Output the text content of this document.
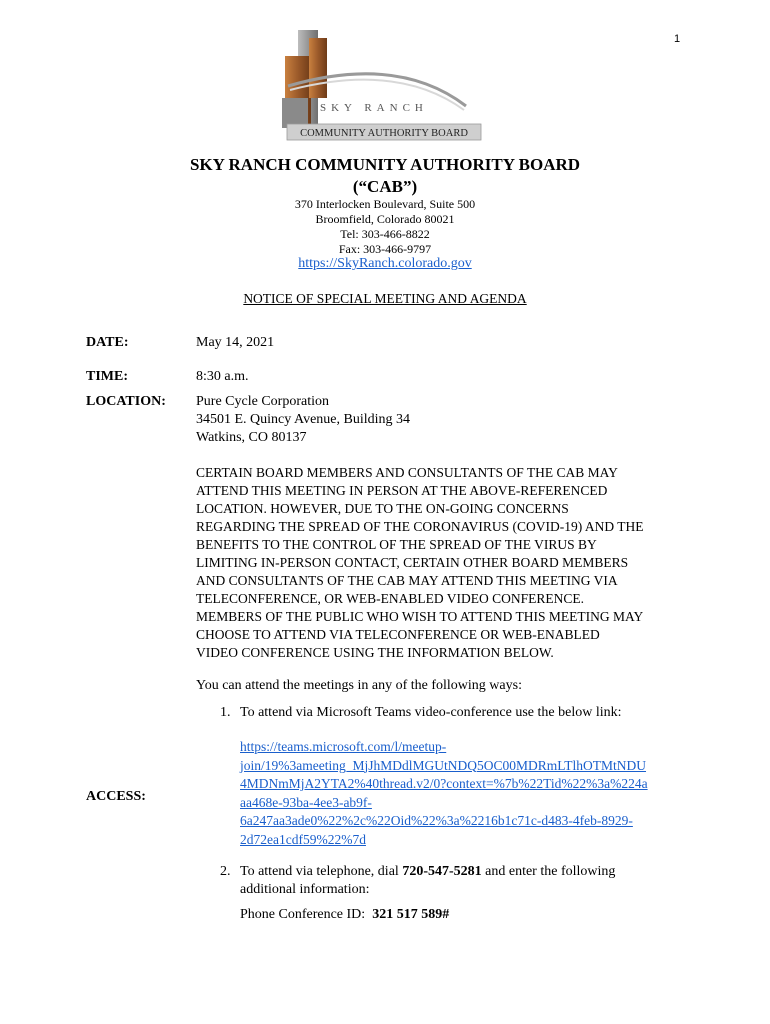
1
SKY RANCH
COMMUNITY AUTHORITY BOARD
SKY RANCH COMMUNITY AUTHORITY BOARD
(“CAB”)
370 Interlocken Boulevard, Suite 500
Broomfield, Colorado 80021
Tel: 303-466-8822
Fax: 303-466-9797
https://SkyRanch.colorado.gov
NOTICE OF SPECIAL MEETING AND AGENDA
DATE:	May 14, 2021
TIME:	8:30 a.m.
LOCATION: Pure Cycle Corporation
34501 E. Quincy Avenue, Building 34
Watkins, CO 80137
CERTAIN BOARD MEMBERS AND CONSULTANTS OF THE CAB MAY
ATTEND THIS MEETING IN PERSON AT THE ABOVE-REFERENCED
LOCATION. HOWEVER, DUE TO THE ON-GOING CONCERNS
REGARDING THE SPREAD OF THE CORONAVIRUS (COVID-19) AND THE
BENEFITS TO THE CONTROL OF THE SPREAD OF THE VIRUS BY
LIMITING IN-PERSON CONTACT, CERTAIN OTHER BOARD MEMBERS
AND CONSULTANTS OF THE CAB MAY ATTEND THIS MEETING VIA
TELECONFERENCE, OR WEB-ENABLED VIDEO CONFERENCE.
MEMBERS OF THE PUBLIC WHO WISH TO ATTEND THIS MEETING MAY
CHOOSE TO ATTEND VIA TELECONFERENCE OR WEB-ENABLED
VIDEO CONFERENCE USING THE INFORMATION BELOW.
You can attend the meetings in any of the following ways:
1. To attend via Microsoft Teams video-conference use the below link:
ACCESS:
https://teams.microsoft.com/l/meetup-
join/19%3ameeting_MjJhMDdlMGUtNDQ5OC00MDRmLTlhOTMtNDU
4MDNmMjA2YTA2%40thread.v2/0?context=%7b%22Tid%22%3a%224a
aa468e-93ba-4ee3-ab9f-
6a247aa3ade0%22%2c%22Oid%22%3a%2216b1c71c-d483-4feb-8929-
2d72ea1cdf59%22%7d
2. To attend via telephone, dial 720-547-5281 and enter the following
additional information:
Phone Conference ID:  321 517 589#
